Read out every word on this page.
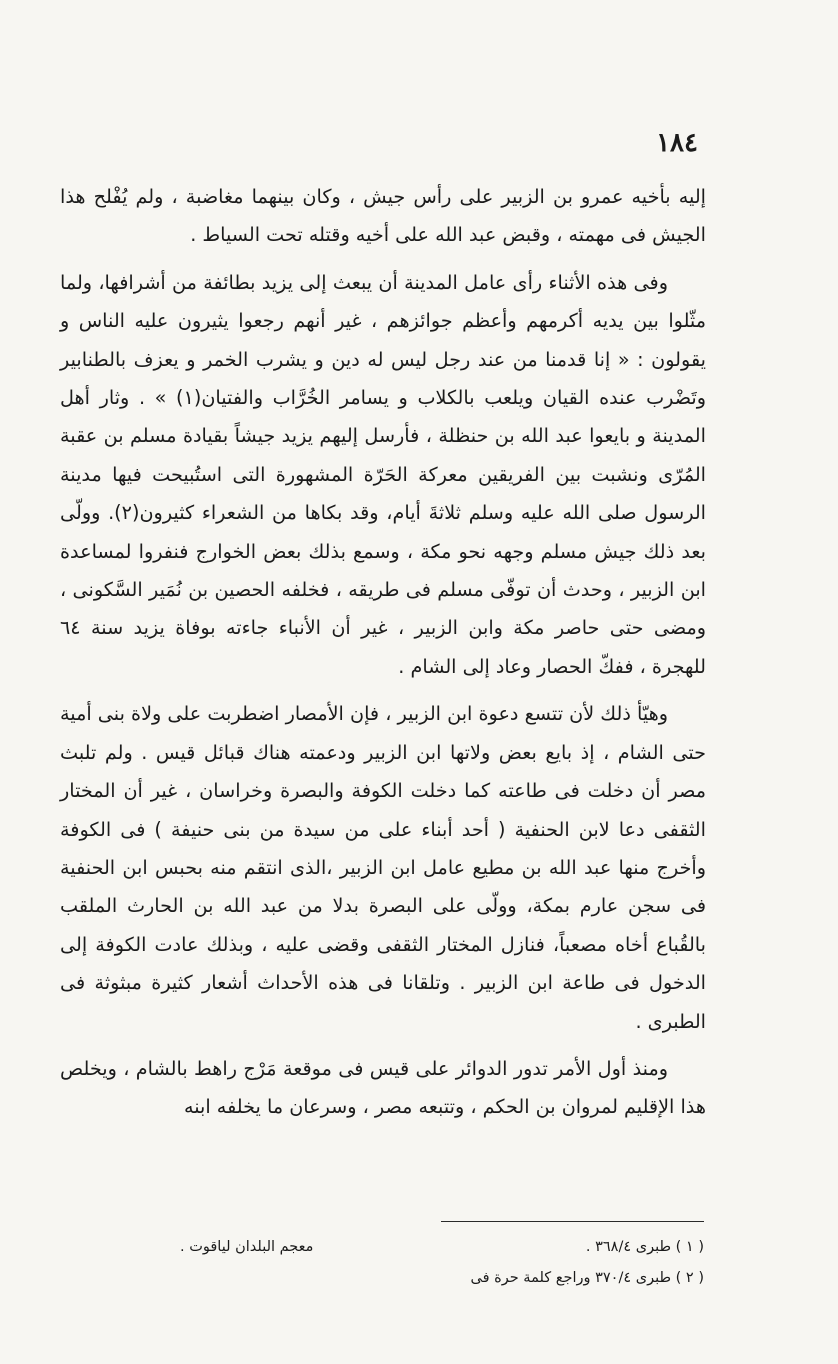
١٨٤

إليه بأخيه عمرو بن الزبير على رأس جيش ، وكان بينهما مغاضبة ، ولم يُفْلح هذا الجيش فى مهمته ، وقبض عبد الله على أخيه وقتله تحت السياط .

وفى هذه الأثناء رأى عامل المدينة أن يبعث إلى يزيد بطائفة من أشرافها، ولما مثّلوا بين يديه أكرمهم وأعظم جوائزهم ، غير أنهم رجعوا يثيرون عليه الناس و يقولون : « إنا قدمنا من عند رجل ليس له دين و يشرب الخمر و يعزف بالطنابير وتَضْرب عنده القيان ويلعب بالكلاب و يسامر الخُرَّاب والفتيان(١) » . وثار أهل المدينة و بايعوا عبد الله بن حنظلة ، فأرسل إليهم يزيد جيشاً بقيادة مسلم بن عقبة المُرّى ونشبت بين الفريقين معركة الحَرّة المشهورة التى استُبيحت فيها مدينة الرسول صلى الله عليه وسلم ثلاثةَ أيام، وقد بكاها من الشعراء كثيرون(٢). وولّى بعد ذلك جيش مسلم وجهه نحو مكة ، وسمع بذلك بعض الخوارج فنفروا لمساعدة ابن الزبير ، وحدث أن توفّى مسلم فى طريقه ، فخلفه الحصين بن نُمَير السَّكونى ، ومضى حتى حاصر مكة وابن الزبير ، غير أن الأنباء جاءته بوفاة يزيد سنة ٦٤ للهجرة ، ففكّ الحصار وعاد إلى الشام .

وهيّأ ذلك لأن تتسع دعوة ابن الزبير ، فإن الأمصار اضطربت على ولاة بنى أمية حتى الشام ، إذ بايع بعض ولاتها ابن الزبير ودعمته هناك قبائل قيس . ولم تلبث مصر أن دخلت فى طاعته كما دخلت الكوفة والبصرة وخراسان ، غير أن المختار الثقفى دعا لابن الحنفية ( أحد أبناء على من سيدة من بنى حنيفة ) فى الكوفة وأخرج منها عبد الله بن مطيع عامل ابن الزبير ،الذى انتقم منه بحبس ابن الحنفية فى سجن عارم بمكة، وولّى على البصرة بدلا من عبد الله بن الحارث الملقب بالقُباع أخاه مصعباً، فنازل المختار الثقفى وقضى عليه ، وبذلك عادت الكوفة إلى الدخول فى طاعة ابن الزبير . وتلقانا فى هذه الأحداث أشعار كثيرة مبثوثة فى الطبرى .

ومنذ أول الأمر تدور الدوائر على قيس فى موقعة مَرْج راهط بالشام ، ويخلص هذا الإقليم لمروان بن الحكم ، وتتبعه مصر ، وسرعان ما يخلفه ابنه

( ١ ) طبرى ٣٦٨/٤ .
معجم البلدان لياقوت .
( ٢ ) طبرى ٣٧٠/٤ وراجع كلمة حرة فى
